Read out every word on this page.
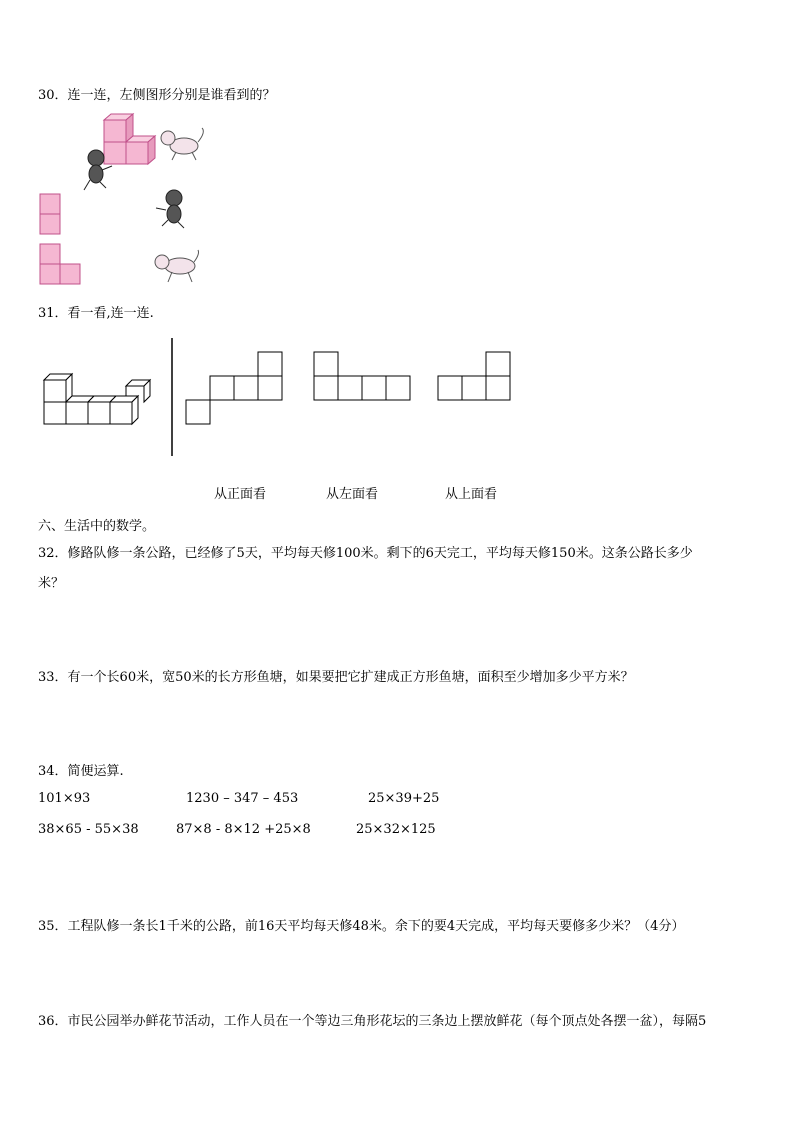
30．连一连，左侧图形分别是谁看到的？
31．看一看,连一连.
从正面看	从左面看	从上面看
六、生活中的数学。
32．修路队修一条公路，已经修了5天，平均每天修100米。剩下的6天完工，平均每天修150米。这条公路长多少
米？
33．有一个长60米，宽50米的长方形鱼塘，如果要把它扩建成正方形鱼塘，面积至少增加多少平方米？
34．简便运算.
101×93	1230 – 347 – 453	25×39+25
38×65 - 55×38	87×8 - 8×12 +25×8	25×32×125
35．工程队修一条长1千米的公路，前16天平均每天修48米。余下的要4天完成，平均每天要修多少米？（4分）
36．市民公园举办鲜花节活动，工作人员在一个等边三角形花坛的三条边上摆放鲜花（每个顶点处各摆一盆），每隔5
